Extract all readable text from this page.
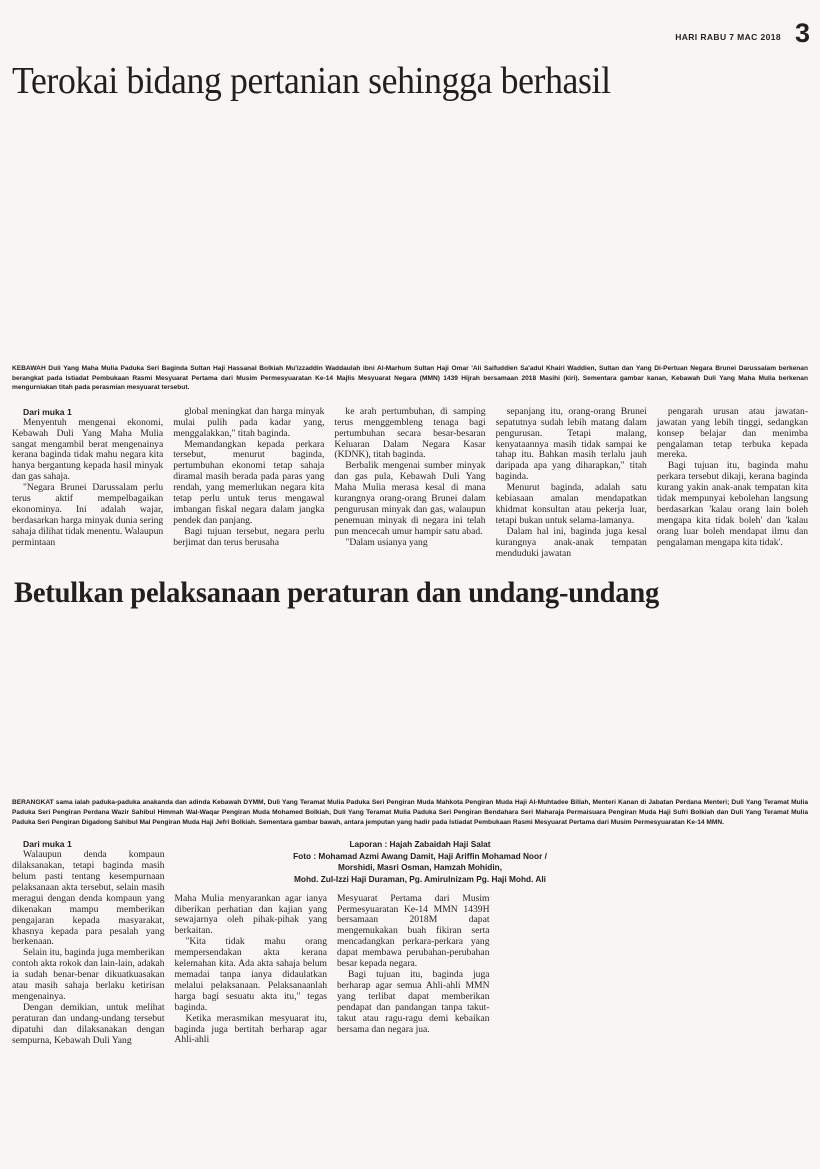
HARI RABU 7 MAC 2018 3
Terokai bidang pertanian sehingga berhasil
KEBAWAH Duli Yang Maha Mulia Paduka Seri Baginda Sultan Haji Hassanal Bolkiah Mu'izzaddin Waddaulah ibni Al-Marhum Sultan Haji Omar 'Ali Saifuddien Sa'adul Khairi Waddien, Sultan dan Yang Di-Pertuan Negara Brunei Darussalam berkenan berangkat pada Istiadat Pembukaan Rasmi Mesyuarat Pertama dari Musim Permesyuaratan Ke-14 Majlis Mesyuarat Negara (MMN) 1439 Hijrah bersamaan 2018 Masihi (kiri). Sementara gambar kanan, Kebawah Duli Yang Maha Mulia berkenan mengurniakan titah pada perasmian mesyuarat tersebut.

Dari muka 1

Menyentuh mengenai ekonomi, Kebawah Duli Yang Maha Mulia sangat mengambil berat mengenainya kerana baginda tidak mahu negara kita hanya bergantung kepada hasil minyak dan gas sahaja.

"Negara Brunei Darussalam perlu terus aktif mempelbagaikan ekonominya. Ini adalah wajar, berdasarkan harga minyak dunia sering sahaja dilihat tidak menentu. Walaupun permintaan

global meningkat dan harga minyak mulai pulih pada kadar yang, menggalakkan," titah baginda.

Memandangkan kepada perkara tersebut, menurut baginda, pertumbuhan ekonomi tetap sahaja diramal masih berada pada paras yang rendah, yang memerlukan negara kita tetap perlu untuk terus mengawal imbangan fiskal negara dalam jangka pendek dan panjang.

Bagi tujuan tersebut, negara perlu berjimat dan terus berusaha

ke arah pertumbuhan, di samping terus menggembleng tenaga bagi pertumbuhan secara besar-besaran Keluaran Dalam Negara Kasar (KDNK), titah baginda.

Berbalik mengenai sumber minyak dan gas pula, Kebawah Duli Yang Maha Mulia merasa kesal di mana kurangnya orang-orang Brunei dalam pengurusan minyak dan gas, walaupun penemuan minyak di negara ini telah pun mencecah umur hampir satu abad.

"Dalam usianya yang

sepanjang itu, orang-orang Brunei sepatutnya sudah lebih matang dalam pengurusan. Tetapi malang, kenyataannya masih tidak sampai ke tahap itu. Bahkan masih terlalu jauh daripada apa yang diharapkan," titah baginda.

Menurut baginda, adalah satu kebiasaan amalan mendapatkan khidmat konsultan atau pekerja luar, tetapi bukan untuk selama-lamanya.

Dalam hal ini, baginda juga kesal kurangnya anak-anak tempatan menduduki jawatan

pengarah urusan atau jawatan-jawatan yang lebih tinggi, sedangkan konsep belajar dan menimba pengalaman tetap terbuka kepada mereka.

Bagi tujuan itu, baginda mahu perkara tersebut dikaji, kerana baginda kurang yakin anak-anak tempatan kita tidak mempunyai kebolehan langsung berdasarkan 'kalau orang lain boleh mengapa kita tidak boleh' dan 'kalau orang luar boleh mendapat ilmu dan pengalaman mengapa kita tidak'.

Betulkan pelaksanaan peraturan dan undang-undang
BERANGKAT sama ialah paduka-paduka anakanda dan adinda Kebawah DYMM, Duli Yang Teramat Mulia Paduka Seri Pengiran Muda Mahkota Pengiran Muda Haji Al-Muhtadee Billah, Menteri Kanan di Jabatan Perdana Menteri; Duli Yang Teramat Mulia Paduka Seri Pengiran Perdana Wazir Sahibul Himmah Wal-Waqar Pengiran Muda Mohamed Bolkiah, Duli Yang Teramat Mulia Paduka Seri Pengiran Bendahara Seri Maharaja Permaisuara Pengiran Muda Haji Sufri Bolkiah dan Duli Yang Teramat Mulia Paduka Seri Pengiran Digadong Sahibul Mal Pengiran Muda Haji Jefri Bolkiah. Sementara gambar bawah, antara jemputan yang hadir pada Istiadat Pembukaan Rasmi Mesyuarat Pertama dari Musim Permesyuaratan Ke-14 MMN.

Dari muka 1

Walaupun denda kompaun dilaksanakan, tetapi baginda masih belum pasti tentang kesempurnaan pelaksanaan akta tersebut, selain masih meragui dengan denda kompaun yang dikenakan mampu memberikan pengajaran kepada masyarakat, khasnya kepada para pesalah yang berkenaan.

Selain itu, baginda juga memberikan contoh akta rokok dan lain-lain, adakah ia sudah benar-benar dikuatkuasakan atau masih sahaja berlaku ketirisan mengenainya.

Dengan demikian, untuk melihat peraturan dan undang-undang tersebut dipatuhi dan dilaksanakan dengan sempurna, Kebawah Duli Yang

Laporan : Hajah Zabaidah Haji Salat
Foto : Mohamad Azmi Awang Damit, Haji Ariffin Mohamad Noor /
Morshidi, Masri Osman, Hamzah Mohidin,
Mohd. Zul-Izzi Haji Duraman, Pg. Amirulnizam Pg. Haji Mohd. Ali

Maha Mulia menyarankan agar ianya diberikan perhatian dan kajian yang sewajarnya oleh pihak-pihak yang berkaitan.

"Kita tidak mahu orang mempersendakan akta kerana kelemahan kita. Ada akta sahaja belum memadai tanpa ianya didaulatkan melalui pelaksanaan. Pelaksanaanlah harga bagi sesuatu akta itu," tegas baginda.

Ketika merasmikan mesyuarat itu, baginda juga bertitah berharap agar Ahli-ahli

Mesyuarat Pertama dari Musim Permesyuaratan Ke-14 MMN 1439H bersamaan 2018M dapat mengemukakan buah fikiran serta mencadangkan perkara-perkara yang dapat membawa perubahan-perubahan besar kepada negara.

Bagi tujuan itu, baginda juga berharap agar semua Ahli-ahli MMN yang terlibat dapat memberikan pendapat dan pandangan tanpa takut-takut atau ragu-ragu demi kebaikan bersama dan negara jua.
